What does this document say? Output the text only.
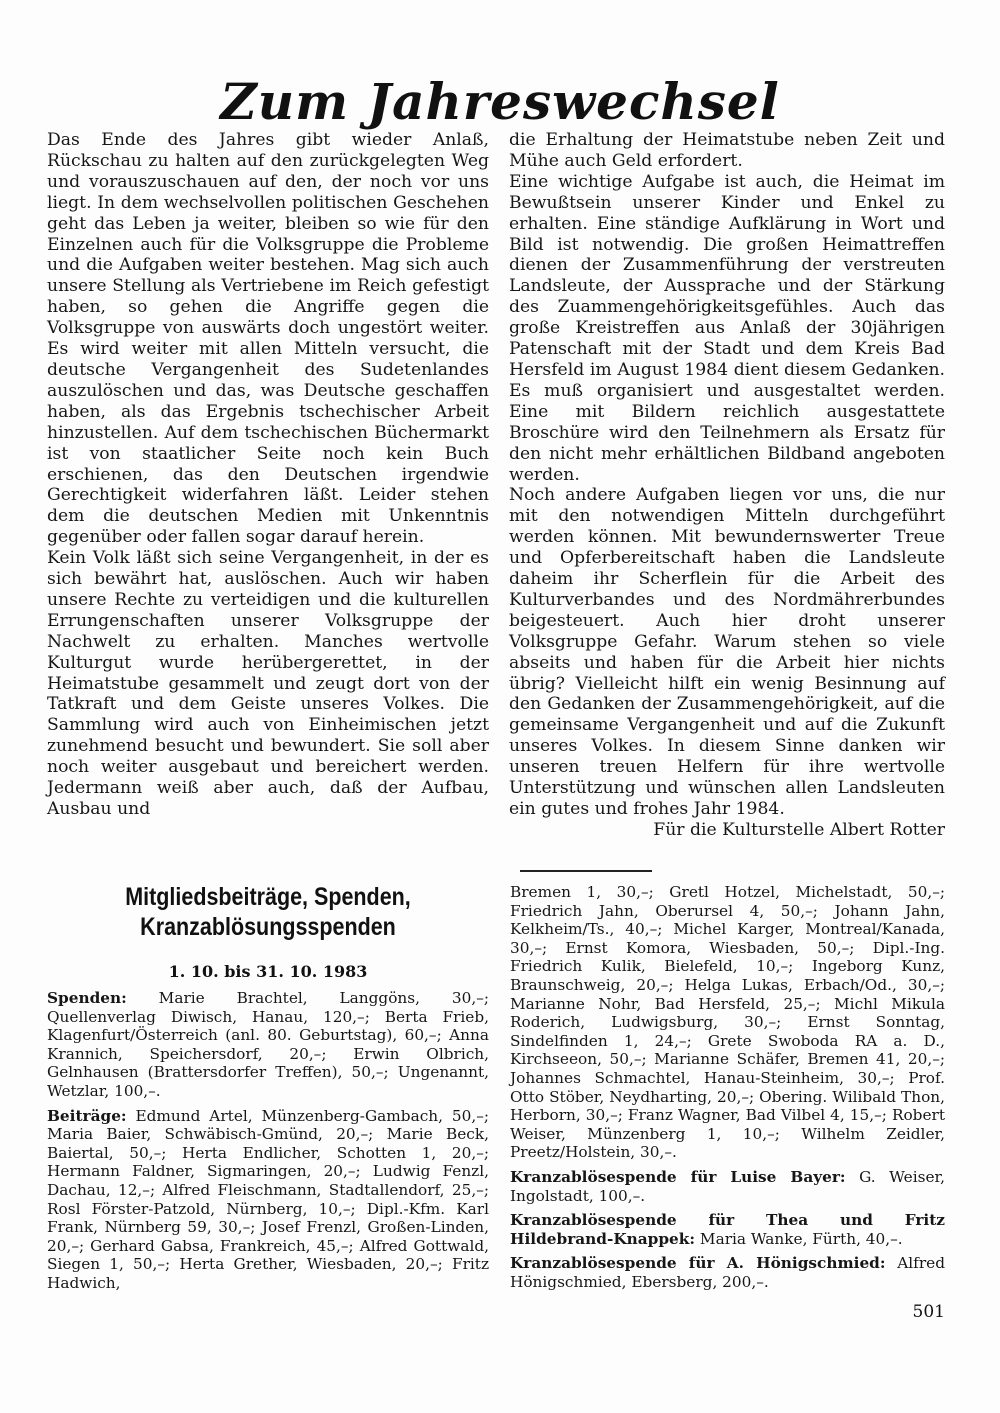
Zum Jahreswechsel

Das Ende des Jahres gibt wieder Anlaß, Rückschau zu halten auf den zurückgelegten Weg und vorauszuschauen auf den, der noch vor uns liegt. In dem wechselvollen politischen Geschehen geht das Leben ja weiter, bleiben so wie für den Einzelnen auch für die Volksgruppe die Probleme und die Aufgaben weiter bestehen. Mag sich auch unsere Stellung als Vertriebene im Reich gefestigt haben, so gehen die Angriffe gegen die Volksgruppe von auswärts doch ungestört weiter. Es wird weiter mit allen Mitteln versucht, die deutsche Vergangenheit des Sudetenlandes auszulöschen und das, was Deutsche geschaffen haben, als das Ergebnis tschechischer Arbeit hinzustellen. Auf dem tschechischen Büchermarkt ist von staatlicher Seite noch kein Buch erschienen, das den Deutschen irgendwie Gerechtigkeit widerfahren läßt. Leider stehen dem die deutschen Medien mit Unkenntnis gegenüber oder fallen sogar darauf herein.

Kein Volk läßt sich seine Vergangenheit, in der es sich bewährt hat, auslöschen. Auch wir haben unsere Rechte zu verteidigen und die kulturellen Errungenschaften unserer Volksgruppe der Nachwelt zu erhalten. Manches wertvolle Kulturgut wurde herübergerettet, in der Heimatstube gesammelt und zeugt dort von der Tatkraft und dem Geiste unseres Volkes. Die Sammlung wird auch von Einheimischen jetzt zunehmend besucht und bewundert. Sie soll aber noch weiter ausgebaut und bereichert werden. Jedermann weiß aber auch, daß der Aufbau, Ausbau und

die Erhaltung der Heimatstube neben Zeit und Mühe auch Geld erfordert.

Eine wichtige Aufgabe ist auch, die Heimat im Bewußtsein unserer Kinder und Enkel zu erhalten. Eine ständige Aufklärung in Wort und Bild ist notwendig. Die großen Heimattreffen dienen der Zusammenführung der verstreuten Landsleute, der Aussprache und der Stärkung des Zuammengehörigkeitsgefühles. Auch das große Kreistreffen aus Anlaß der 30jährigen Patenschaft mit der Stadt und dem Kreis Bad Hersfeld im August 1984 dient diesem Gedanken. Es muß organisiert und ausgestaltet werden. Eine mit Bildern reichlich ausgestattete Broschüre wird den Teilnehmern als Ersatz für den nicht mehr erhältlichen Bildband angeboten werden.

Noch andere Aufgaben liegen vor uns, die nur mit den notwendigen Mitteln durchgeführt werden können. Mit bewundernswerter Treue und Opferbereitschaft haben die Landsleute daheim ihr Scherflein für die Arbeit des Kulturverbandes und des Nordmährerbundes beigesteuert. Auch hier droht unserer Volksgruppe Gefahr. Warum stehen so viele abseits und haben für die Arbeit hier nichts übrig? Vielleicht hilft ein wenig Besinnung auf den Gedanken der Zusammengehörigkeit, auf die gemeinsame Vergangenheit und auf die Zukunft unseres Volkes. In diesem Sinne danken wir unseren treuen Helfern für ihre wertvolle Unterstützung und wünschen allen Landsleuten ein gutes und frohes Jahr 1984.

Für die Kulturstelle Albert Rotter

Mitgliedsbeiträge, Spenden,
Kranzablösungsspenden
1. 10. bis 31. 10. 1983

Spenden: Marie Brachtel, Langgöns, 30,–; Quellenverlag Diwisch, Hanau, 120,–; Berta Frieb, Klagenfurt/Österreich (anl. 80. Geburtstag), 60,–; Anna Krannich, Speichersdorf, 20,–; Erwin Olbrich, Gelnhausen (Brattersdorfer Treffen), 50,–; Ungenannt, Wetzlar, 100,–.

Beiträge: Edmund Artel, Münzenberg-Gambach, 50,–; Maria Baier, Schwäbisch-Gmünd, 20,–; Marie Beck, Baiertal, 50,–; Herta Endlicher, Schotten 1, 20,–; Hermann Faldner, Sigmaringen, 20,–; Ludwig Fenzl, Dachau, 12,–; Alfred Fleischmann, Stadtallendorf, 25,–; Rosl Förster-Patzold, Nürnberg, 10,–; Dipl.-Kfm. Karl Frank, Nürnberg 59, 30,–; Josef Frenzl, Großen-Linden, 20,–; Gerhard Gabsa, Frankreich, 45,–; Alfred Gottwald, Siegen 1, 50,–; Herta Grether, Wiesbaden, 20,–; Fritz Hadwich,

Bremen 1, 30,–; Gretl Hotzel, Michelstadt, 50,–; Friedrich Jahn, Oberursel 4, 50,–; Johann Jahn, Kelkheim/Ts., 40,–; Michel Karger, Montreal/Kanada, 30,–; Ernst Komora, Wiesbaden, 50,–; Dipl.-Ing. Friedrich Kulik, Bielefeld, 10,–; Ingeborg Kunz, Braunschweig, 20,–; Helga Lukas, Erbach/Od., 30,–; Marianne Nohr, Bad Hersfeld, 25,–; Michl Mikula Roderich, Ludwigsburg, 30,–; Ernst Sonntag, Sindelfinden 1, 24,–; Grete Swoboda RA a. D., Kirchseeon, 50,–; Marianne Schäfer, Bremen 41, 20,–; Johannes Schmachtel, Hanau-Steinheim, 30,–; Prof. Otto Stöber, Neydharting, 20,–; Obering. Wilibald Thon, Herborn, 30,–; Franz Wagner, Bad Vilbel 4, 15,–; Robert Weiser, Münzenberg 1, 10,–; Wilhelm Zeidler, Preetz/Holstein, 30,–.

Kranzablösespende für Luise Bayer: G. Weiser, Ingolstadt, 100,–.

Kranzablösespende für Thea und Fritz Hildebrand-Knappek: Maria Wanke, Fürth, 40,–.

Kranzablösespende für A. Hönigschmied: Alfred Hönigschmied, Ebersberg, 200,–.

501
